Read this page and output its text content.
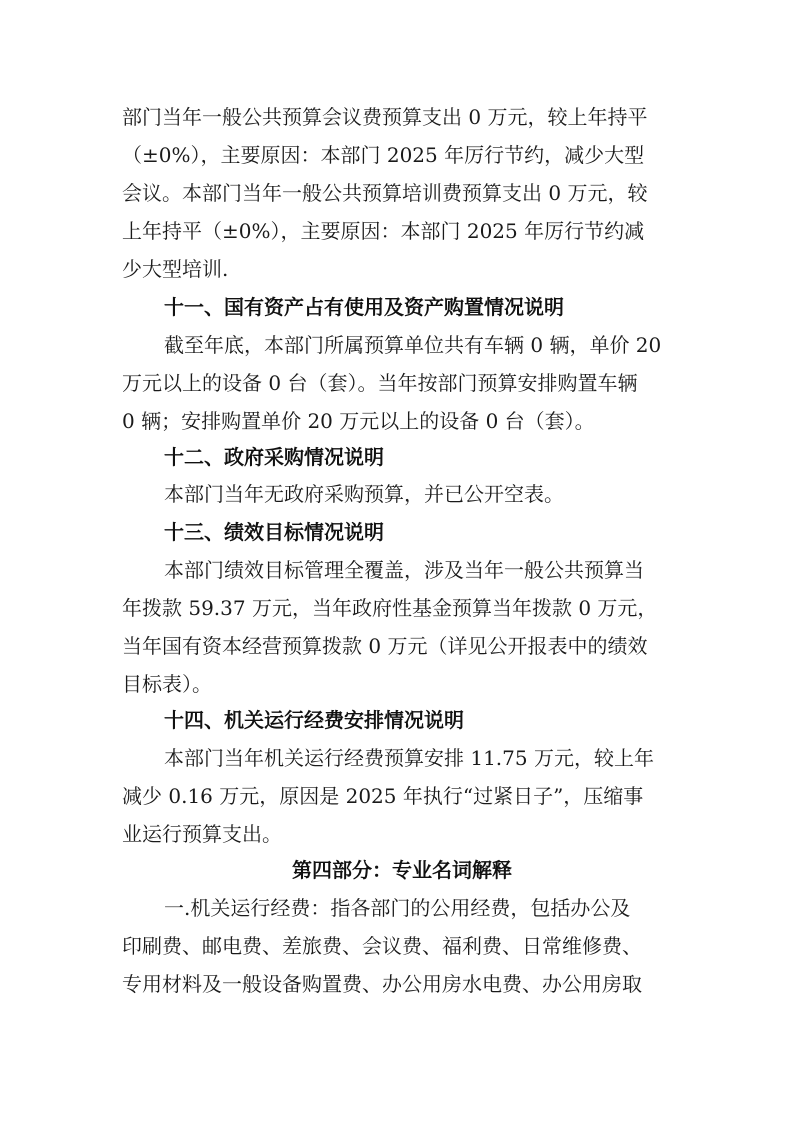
部门当年一般公共预算会议费预算支出 0 万元，较上年持平
（±0%），主要原因：本部门 2025 年厉行节约，减少大型
会议。本部门当年一般公共预算培训费预算支出 0 万元，较
上年持平（±0%），主要原因：本部门 2025 年厉行节约减
少大型培训.
十一、国有资产占有使用及资产购置情况说明
截至年底，本部门所属预算单位共有车辆 0 辆，单价 20
万元以上的设备 0 台（套）。当年按部门预算安排购置车辆
0 辆；安排购置单价 20 万元以上的设备 0 台（套）。
十二、政府采购情况说明
本部门当年无政府采购预算，并已公开空表。
十三、绩效目标情况说明
本部门绩效目标管理全覆盖，涉及当年一般公共预算当
年拨款 59.37 万元，当年政府性基金预算当年拨款 0 万元，
当年国有资本经营预算拨款 0 万元（详见公开报表中的绩效
目标表）。
十四、机关运行经费安排情况说明
本部门当年机关运行经费预算安排 11.75 万元，较上年
减少 0.16 万元，原因是 2025 年执行“过紧日子”，压缩事
业运行预算支出。
第四部分：专业名词解释
一.机关运行经费：指各部门的公用经费，包括办公及
印刷费、邮电费、差旅费、会议费、福利费、日常维修费、
专用材料及一般设备购置费、办公用房水电费、办公用房取
